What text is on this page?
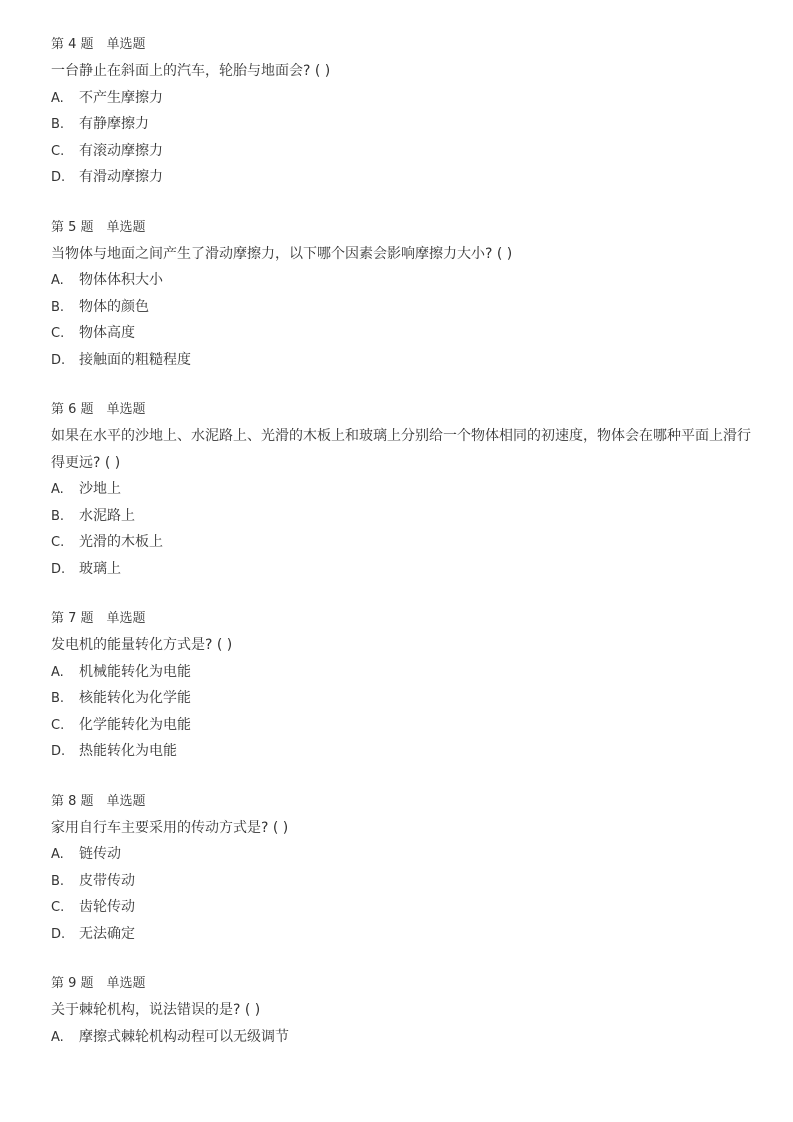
第 4 题 单选题
一台静止在斜面上的汽车，轮胎与地面会? ( )
A. 不产生摩擦力
B. 有静摩擦力
C. 有滚动摩擦力
D. 有滑动摩擦力
第 5 题 单选题
当物体与地面之间产生了滑动摩擦力，以下哪个因素会影响摩擦力大小? ( )
A. 物体体积大小
B. 物体的颜色
C. 物体高度
D. 接触面的粗糙程度
第 6 题 单选题
如果在水平的沙地上、水泥路上、光滑的木板上和玻璃上分别给一个物体相同的初速度，物体会在哪种平面上滑行得更远? ( )
A. 沙地上
B. 水泥路上
C. 光滑的木板上
D. 玻璃上
第 7 题 单选题
发电机的能量转化方式是? ( )
A. 机械能转化为电能
B. 核能转化为化学能
C. 化学能转化为电能
D. 热能转化为电能
第 8 题 单选题
家用自行车主要采用的传动方式是? ( )
A. 链传动
B. 皮带传动
C. 齿轮传动
D. 无法确定
第 9 题 单选题
关于棘轮机构，说法错误的是? ( )
A. 摩擦式棘轮机构动程可以无级调节
